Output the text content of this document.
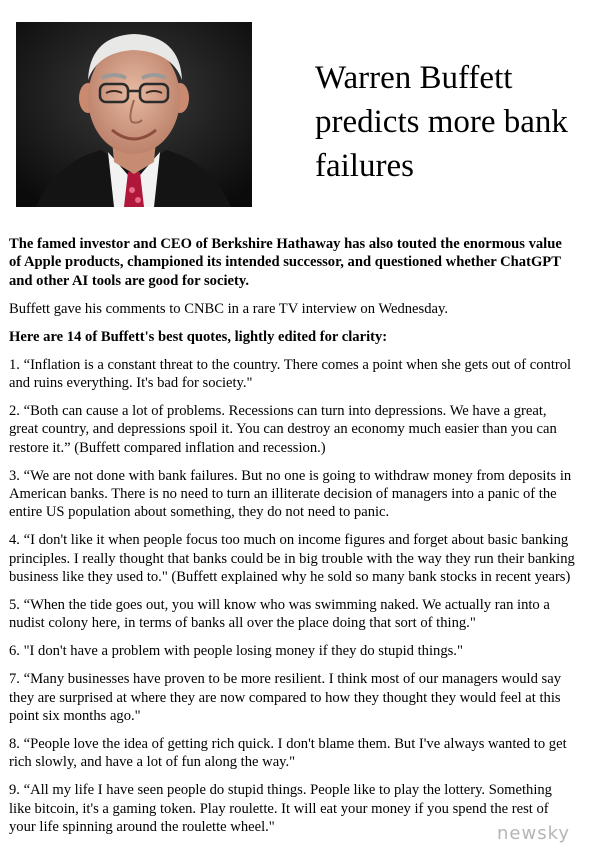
Warren Buffett predicts more bank failures

The famed investor and CEO of Berkshire Hathaway has also touted the enormous value of Apple products, championed its intended successor, and questioned whether ChatGPT and other AI tools are good for society.

Buffett gave his comments to CNBC in a rare TV interview on Wednesday.

Here are 14 of Buffett's best quotes, lightly edited for clarity:

1. “Inflation is a constant threat to the country. There comes a point when she gets out of control and ruins everything. It's bad for society."

2. “Both can cause a lot of problems. Recessions can turn into depressions. We have a great, great country, and depressions spoil it. You can destroy an economy much easier than you can restore it.” (Buffett compared inflation and recession.)

3. “We are not done with bank failures. But no one is going to withdraw money from deposits in American banks. There is no need to turn an illiterate decision of managers into a panic of the entire US population about something, they do not need to panic.

4. “I don't like it when people focus too much on income figures and forget about basic banking principles. I really thought that banks could be in big trouble with the way they run their banking business like they used to." (Buffett explained why he sold so many bank stocks in recent years)

5. “When the tide goes out, you will know who was swimming naked. We actually ran into a nudist colony here, in terms of banks all over the place doing that sort of thing."

6. "I don't have a problem with people losing money if they do stupid things."

7. “Many businesses have proven to be more resilient. I think most of our managers would say they are surprised at where they are now compared to how they thought they would feel at this point six months ago."

8. “People love the idea of getting rich quick. I don't blame them. But I've always wanted to get rich slowly, and have a lot of fun along the way."

9. “All my life I have seen people do stupid things. People like to play the lottery. Something like bitcoin, it's a gaming token. Play roulette. It will eat your money if you spend the rest of your life spinning around the roulette wheel."	newsky
